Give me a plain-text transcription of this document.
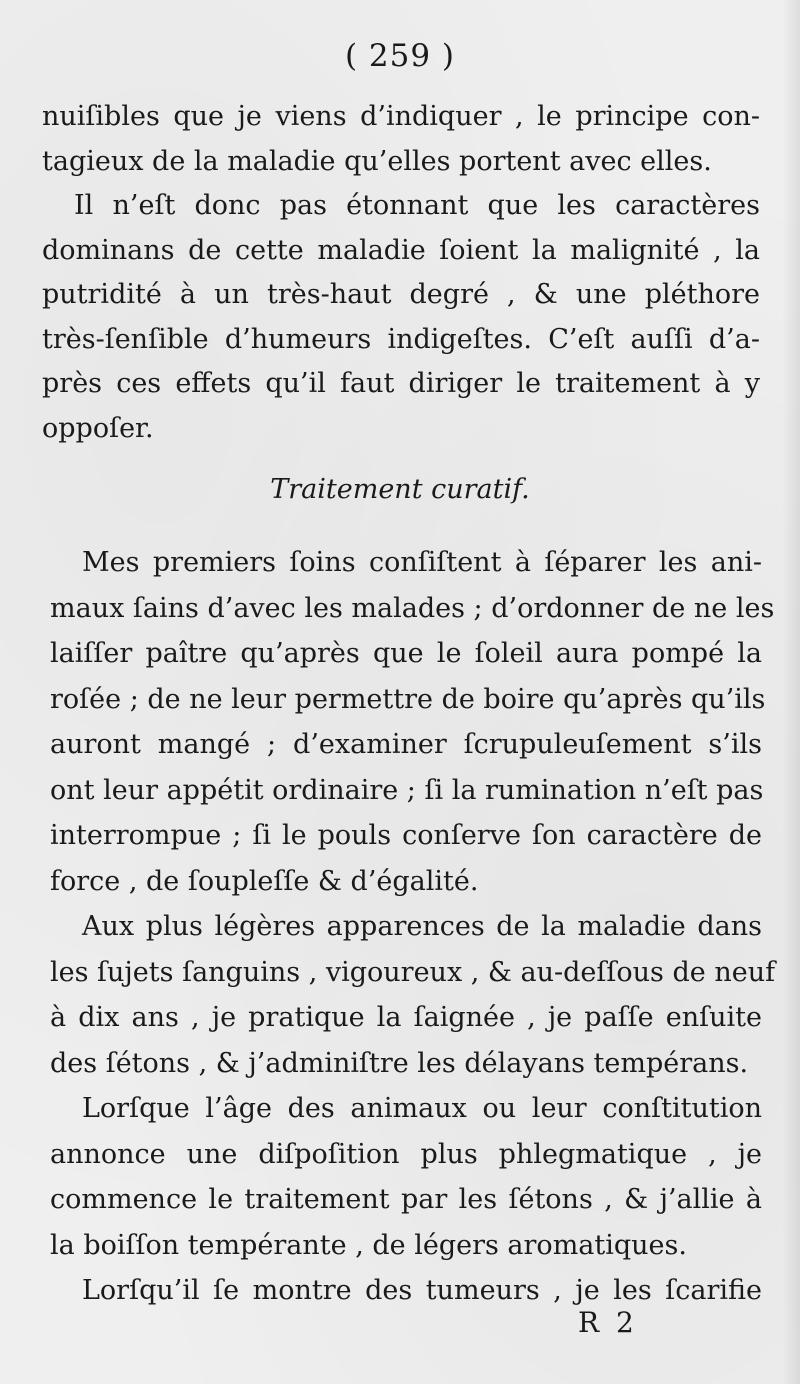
( 259 )
nuiſibles que je viens d’indiquer , le principe con-
tagieux de la maladie qu’elles portent avec elles.
Il n’eſt donc pas étonnant que les caractères
dominans de cette maladie ſoient la malignité , la
putridité à un très-haut degré , & une pléthore
très-ſenſible d’humeurs indigeſtes. C’eſt auſſi d’a-
près ces effets qu’il faut diriger le traitement à y
oppoſer.
Traitement curatif.
Mes premiers ſoins conſiſtent à ſéparer les ani-
maux ſains d’avec les malades ; d’ordonner de ne les
laiſſer paître qu’après que le ſoleil aura pompé la
roſée ; de ne leur permettre de boire qu’après qu’ils
auront mangé ; d’examiner ſcrupuleuſement s’ils
ont leur appétit ordinaire ; ſi la rumination n’eſt pas
interrompue ; ſi le pouls conſerve ſon caractère de
force , de ſoupleſſe & d’égalité.
Aux plus légères apparences de la maladie dans
les ſujets ſanguins , vigoureux , & au-deſſous de neuf
à dix ans , je pratique la ſaignée , je paſſe enſuite
des ſétons , & j’adminiſtre les délayans tempérans.
Lorſque l’âge des animaux ou leur conſtitution
annonce une diſpoſition plus phlegmatique , je
commence le traitement par les ſétons , & j’allie à
la boiſſon tempérante , de légers aromatiques.
Lorſqu’il ſe montre des tumeurs , je les ſcarifie
R 2
